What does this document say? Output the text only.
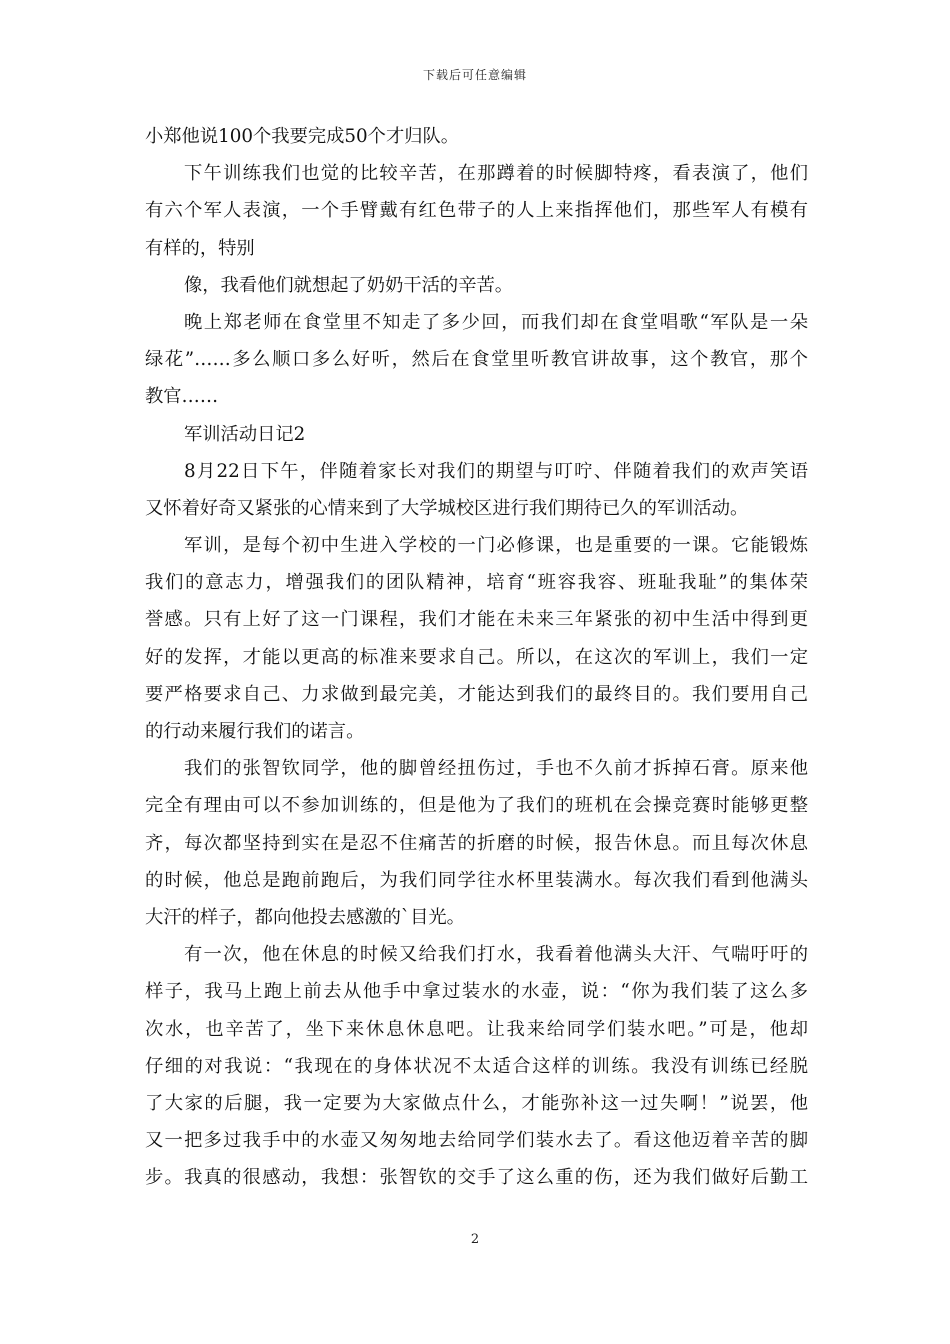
下载后可任意编辑
小郑他说100个我要完成50个才归队。
下午训练我们也觉的比较辛苦，在那蹲着的时候脚特疼，看表演了，他们
有六个军人表演，一个手臂戴有红色带子的人上来指挥他们，那些军人有模有
有样的，特别
像，我看他们就想起了奶奶干活的辛苦。
晚上郑老师在食堂里不知走了多少回，而我们却在食堂唱歌“军队是一朵
绿花”……多么顺口多么好听，然后在食堂里听教官讲故事，这个教官，那个
教官……
军训活动日记2
8月22日下午，伴随着家长对我们的期望与叮咛、伴随着我们的欢声笑语
又怀着好奇又紧张的心情来到了大学城校区进行我们期待已久的军训活动。
军训，是每个初中生进入学校的一门必修课，也是重要的一课。它能锻炼
我们的意志力，增强我们的团队精神，培育“班容我容、班耻我耻”的集体荣
誉感。只有上好了这一门课程，我们才能在未来三年紧张的初中生活中得到更
好的发挥，才能以更高的标准来要求自己。所以，在这次的军训上，我们一定
要严格要求自己、力求做到最完美，才能达到我们的最终目的。我们要用自己
的行动来履行我们的诺言。
我们的张智钦同学，他的脚曾经扭伤过，手也不久前才拆掉石膏。原来他
完全有理由可以不参加训练的，但是他为了我们的班机在会操竞赛时能够更整
齐，每次都坚持到实在是忍不住痛苦的折磨的时候，报告休息。而且每次休息
的时候，他总是跑前跑后，为我们同学往水杯里装满水。每次我们看到他满头
大汗的样子，都向他投去感激的`目光。
有一次，他在休息的时候又给我们打水，我看着他满头大汗、气喘吁吁的
样子，我马上跑上前去从他手中拿过装水的水壶，说：“你为我们装了这么多
次水，也辛苦了，坐下来休息休息吧。让我来给同学们装水吧。”可是，他却
仔细的对我说：“我现在的身体状况不太适合这样的训练。我没有训练已经脱
了大家的后腿，我一定要为大家做点什么，才能弥补这一过失啊！”说罢，他
又一把多过我手中的水壶又匆匆地去给同学们装水去了。看这他迈着辛苦的脚
步。我真的很感动，我想：张智钦的交手了这么重的伤，还为我们做好后勤工
2
